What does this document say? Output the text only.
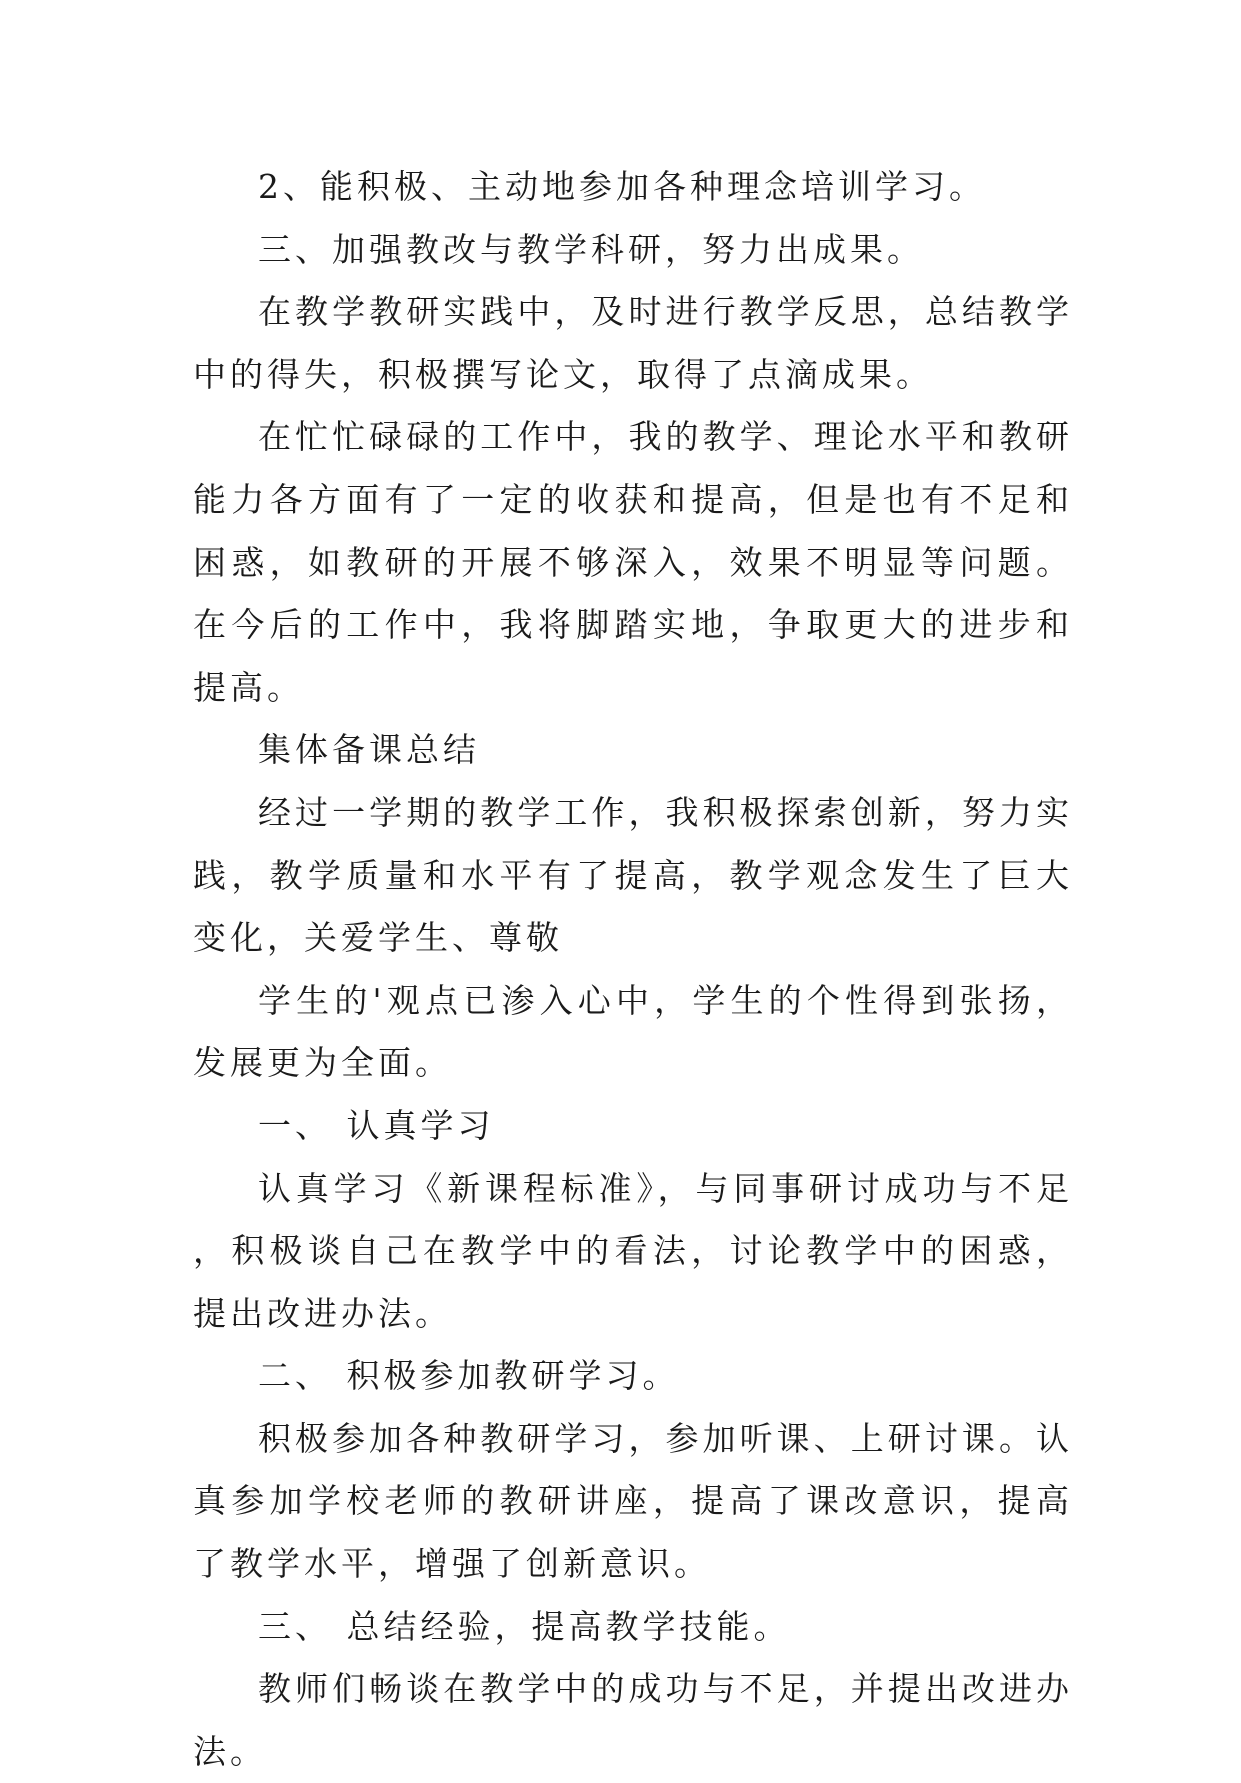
2、能积极、主动地参加各种理念培训学习。

三、加强教改与教学科研，努力出成果。

在教学教研实践中，及时进行教学反思，总结教学中的得失，积极撰写论文，取得了点滴成果。

在忙忙碌碌的工作中，我的教学、理论水平和教研能力各方面有了一定的收获和提高，但是也有不足和困惑，如教研的开展不够深入，效果不明显等问题。在今后的工作中，我将脚踏实地，争取更大的进步和提高。

集体备课总结

经过一学期的教学工作，我积极探索创新，努力实践，教学质量和水平有了提高，教学观念发生了巨大变化，关爱学生、尊敬

学生的'观点已渗入心中，学生的个性得到张扬，发展更为全面。

一、 认真学习

认真学习《新课程标准》，与同事研讨成功与不足，积极谈自己在教学中的看法，讨论教学中的困惑，提出改进办法。

二、 积极参加教研学习。

积极参加各种教研学习，参加听课、上研讨课。认真参加学校老师的教研讲座，提高了课改意识，提高了教学水平，增强了创新意识。

三、 总结经验，提高教学技能。

教师们畅谈在教学中的成功与不足，并提出改进办法。
